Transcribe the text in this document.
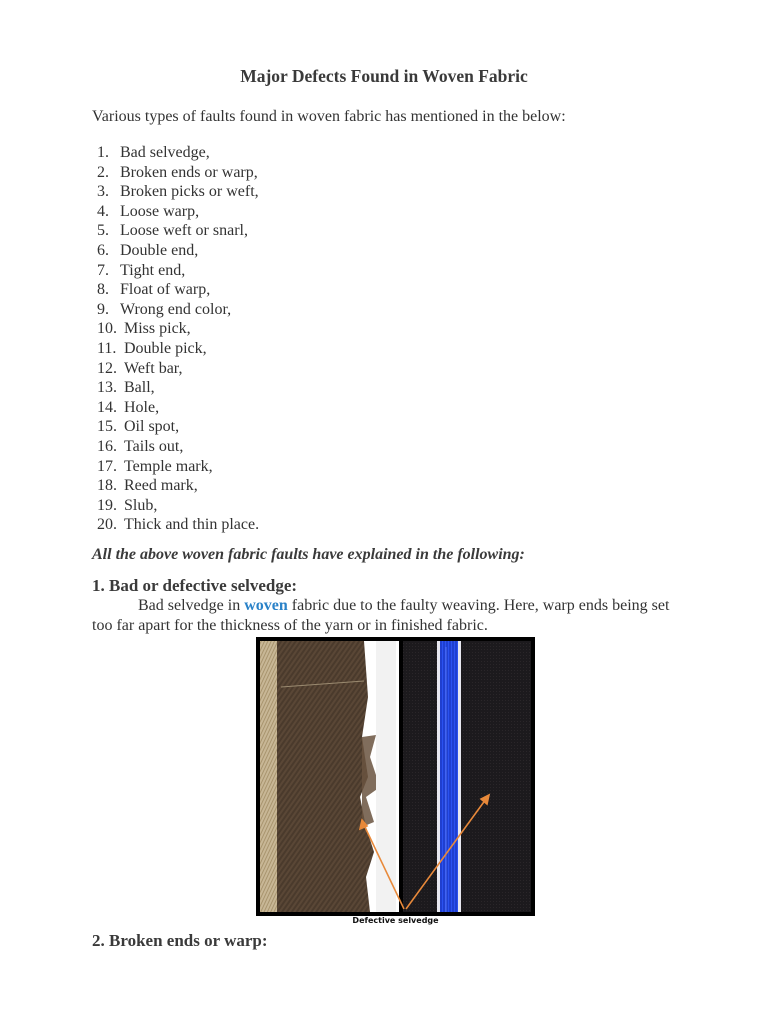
Major Defects Found in Woven Fabric

Various types of faults found in woven fabric has mentioned in the below:

1. Bad selvedge,
2. Broken ends or warp,
3. Broken picks or weft,
4. Loose warp,
5. Loose weft or snarl,
6. Double end,
7. Tight end,
8. Float of warp,
9. Wrong end color,
10. Miss pick,
11. Double pick,
12. Weft bar,
13. Ball,
14. Hole,
15. Oil spot,
16. Tails out,
17. Temple mark,
18. Reed mark,
19. Slub,
20. Thick and thin place.

All the above woven fabric faults have explained in the following:

1. Bad or defective selvedge:

Bad selvedge in woven fabric due to the faulty weaving. Here, warp ends being set too far apart for the thickness of the yarn or in finished fabric.

Defective selvedge
2. Broken ends or warp:
